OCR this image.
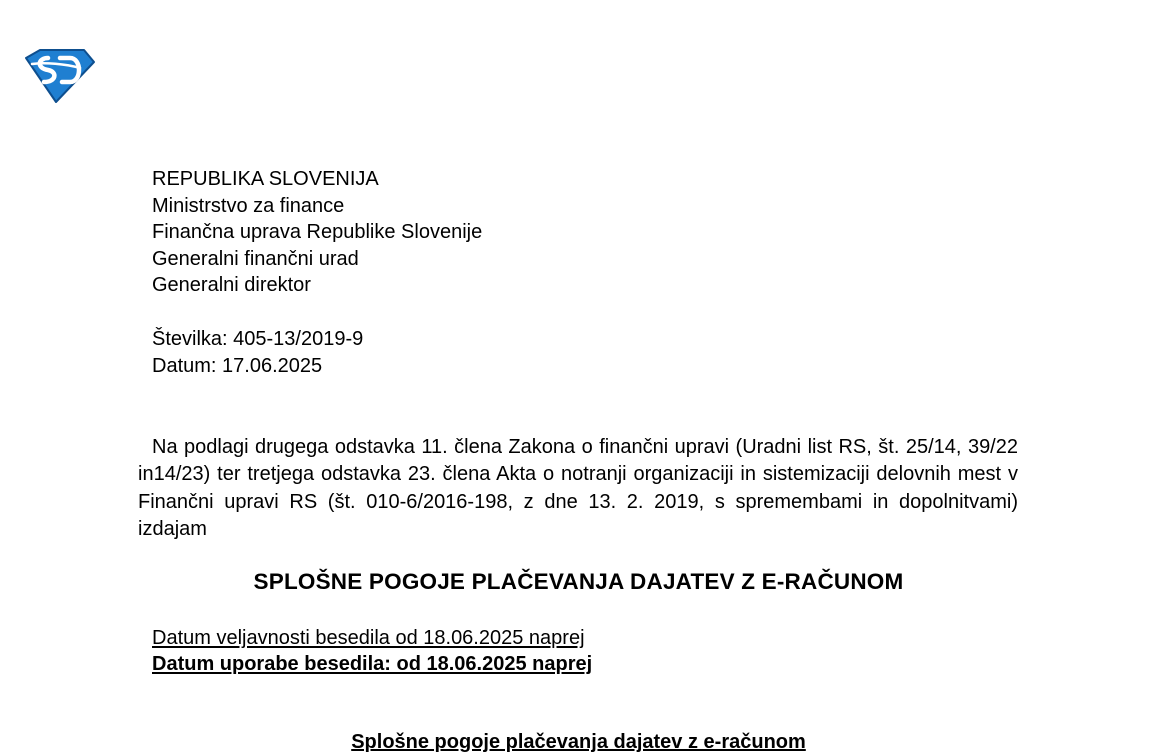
REPUBLIKA SLOVENIJA
Ministrstvo za finance
Finančna uprava Republike Slovenije
Generalni finančni urad
Generalni direktor
Številka: 405-13/2019-9
Datum: 17.06.2025
Na podlagi drugega odstavka 11. člena Zakona o finančni upravi (Uradni list RS, št. 25/14, 39/22 in14/23) ter tretjega odstavka 23. člena Akta o notranji organizaciji in sistemizaciji delovnih mest v Finančni upravi RS (št. 010-6/2016-198, z dne 13. 2. 2019, s spremembami in dopolnitvami) izdajam
SPLOŠNE POGOJE PLAČEVANJA DAJATEV Z E-RAČUNOM
Datum veljavnosti besedila od 18.06.2025 naprej
Datum uporabe besedila: od 18.06.2025 naprej
Splošne pogoje plačevanja dajatev z e-računom
